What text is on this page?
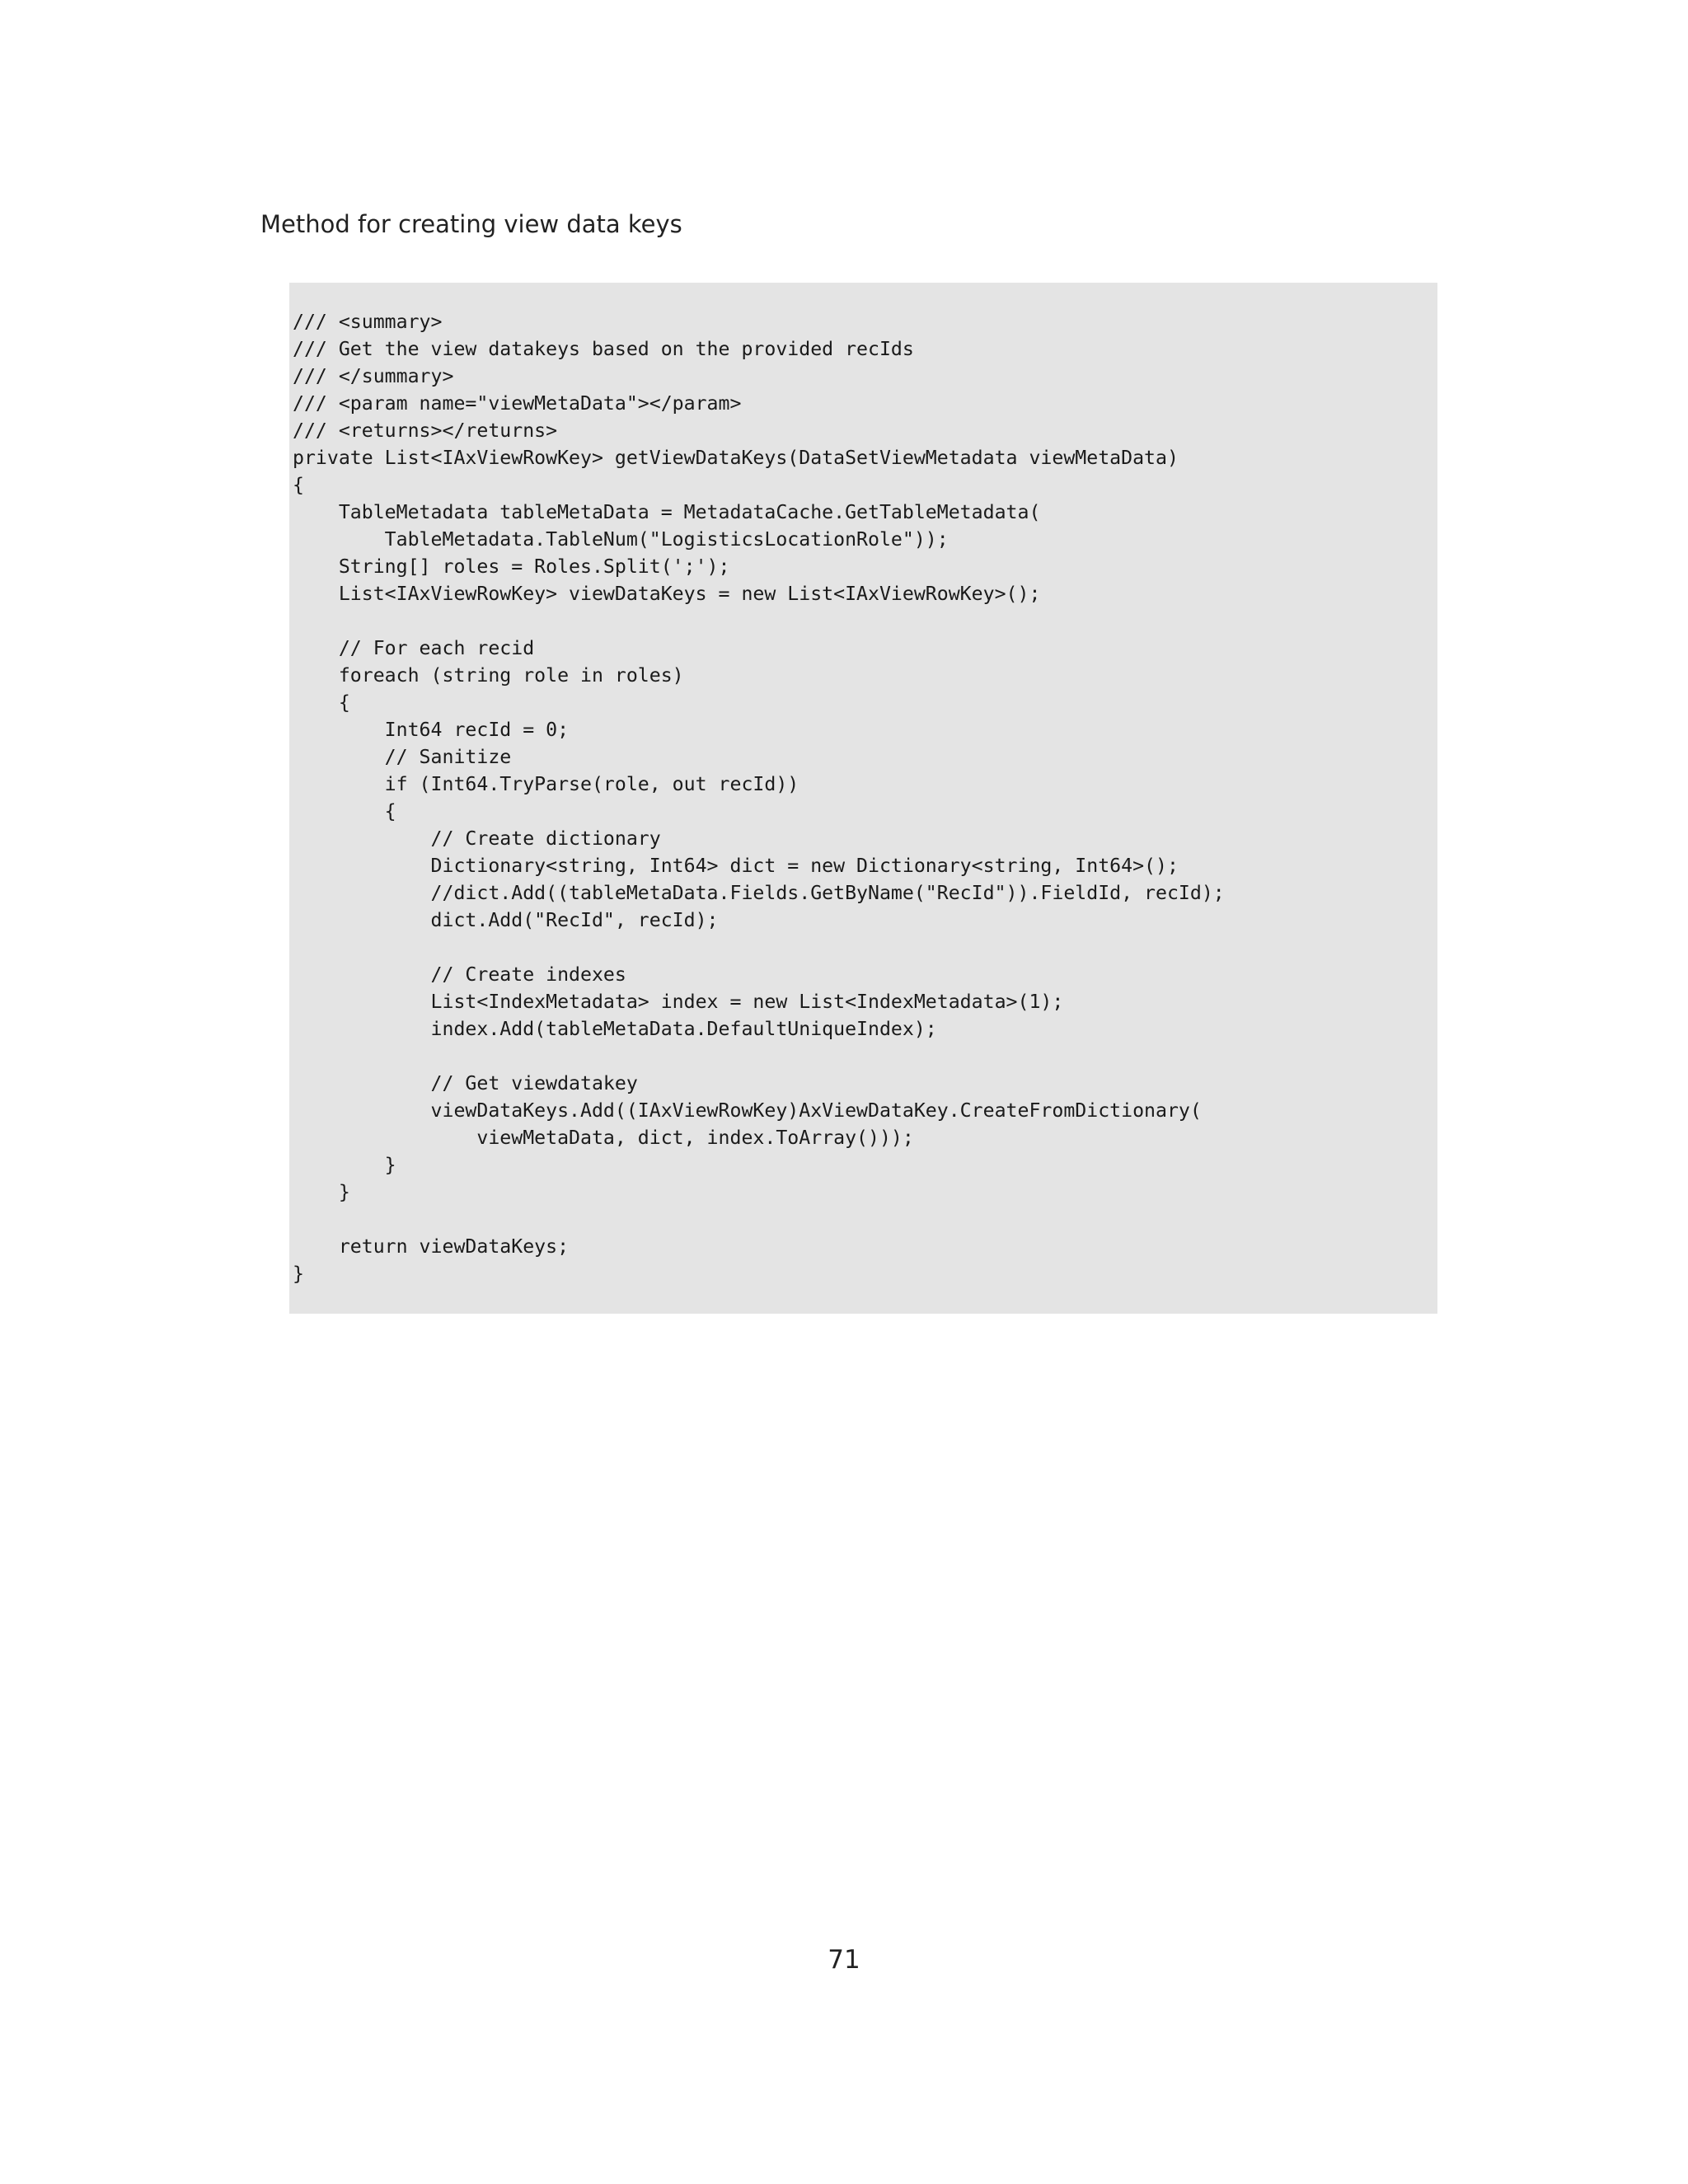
Method for creating view data keys
/// <summary>
/// Get the view datakeys based on the provided recIds
/// </summary>
/// <param name="viewMetaData"></param>
/// <returns></returns>
private List<IAxViewRowKey> getViewDataKeys(DataSetViewMetadata viewMetaData)
{
TableMetadata tableMetaData = MetadataCache.GetTableMetadata(
TableMetadata.TableNum("LogisticsLocationRole"));
String[] roles = Roles.Split(';');
List<IAxViewRowKey> viewDataKeys = new List<IAxViewRowKey>();
// For each recid
foreach (string role in roles)
{
Int64 recId = 0;
// Sanitize
if (Int64.TryParse(role, out recId))
{
// Create dictionary
Dictionary<string, Int64> dict = new Dictionary<string, Int64>();
//dict.Add((tableMetaData.Fields.GetByName("RecId")).FieldId, recId);
dict.Add("RecId", recId);
// Create indexes
List<IndexMetadata> index = new List<IndexMetadata>(1);
index.Add(tableMetaData.DefaultUniqueIndex);
// Get viewdatakey
viewDataKeys.Add((IAxViewRowKey)AxViewDataKey.CreateFromDictionary(
viewMetaData, dict, index.ToArray()));
}
}
return viewDataKeys;
}
71
